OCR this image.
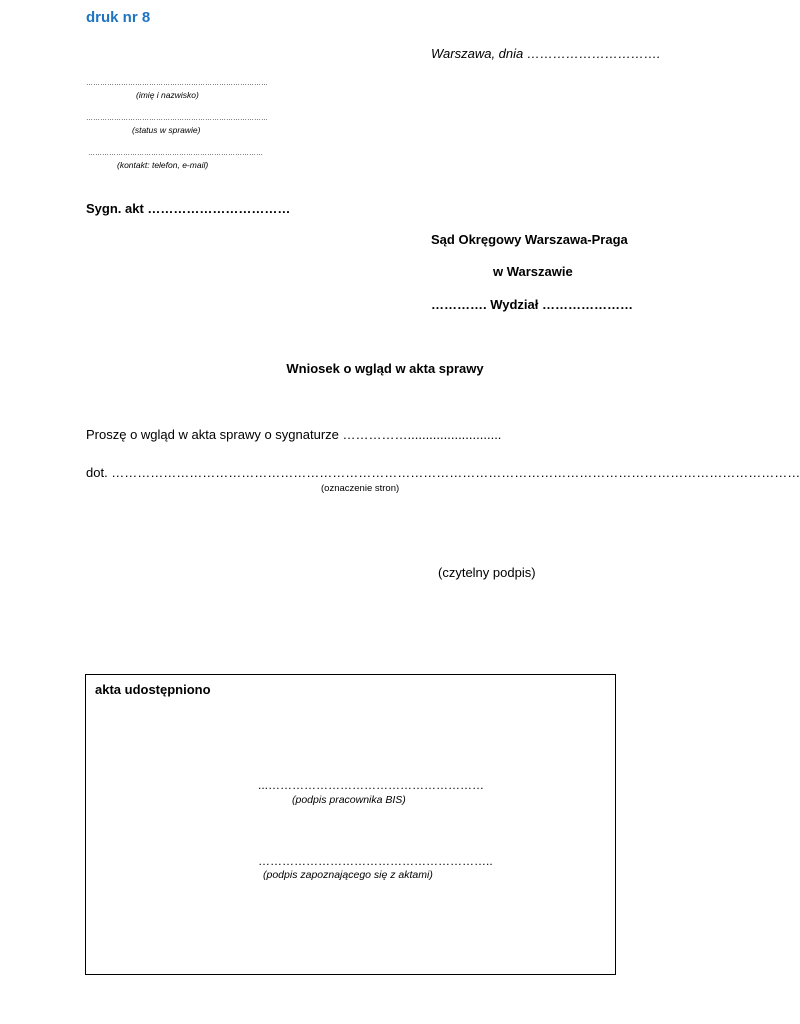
druk nr 8
Warszawa, dnia ………………………….
……………………………………………………………………
(imię i nazwisko)
……………………………………………………………………
(status w sprawie)
…………………………………………………………………
(kontakt: telefon, e-mail)
Sygn. akt ……………………………
Sąd Okręgowy Warszawa-Praga
w Warszawie
…………. Wydział …………………
Wniosek o wgląd w akta sprawy
Proszę o wgląd w akta sprawy o sygnaturze ……………..........................
dot. ……………………………………………………………………………………………………………………………………………
(oznaczenie stron)
(czytelny podpis)
akta udostępniono
...………………………………………………
(podpis pracownika BIS)
…………………………………………………..
(podpis zapoznającego się z aktami)
